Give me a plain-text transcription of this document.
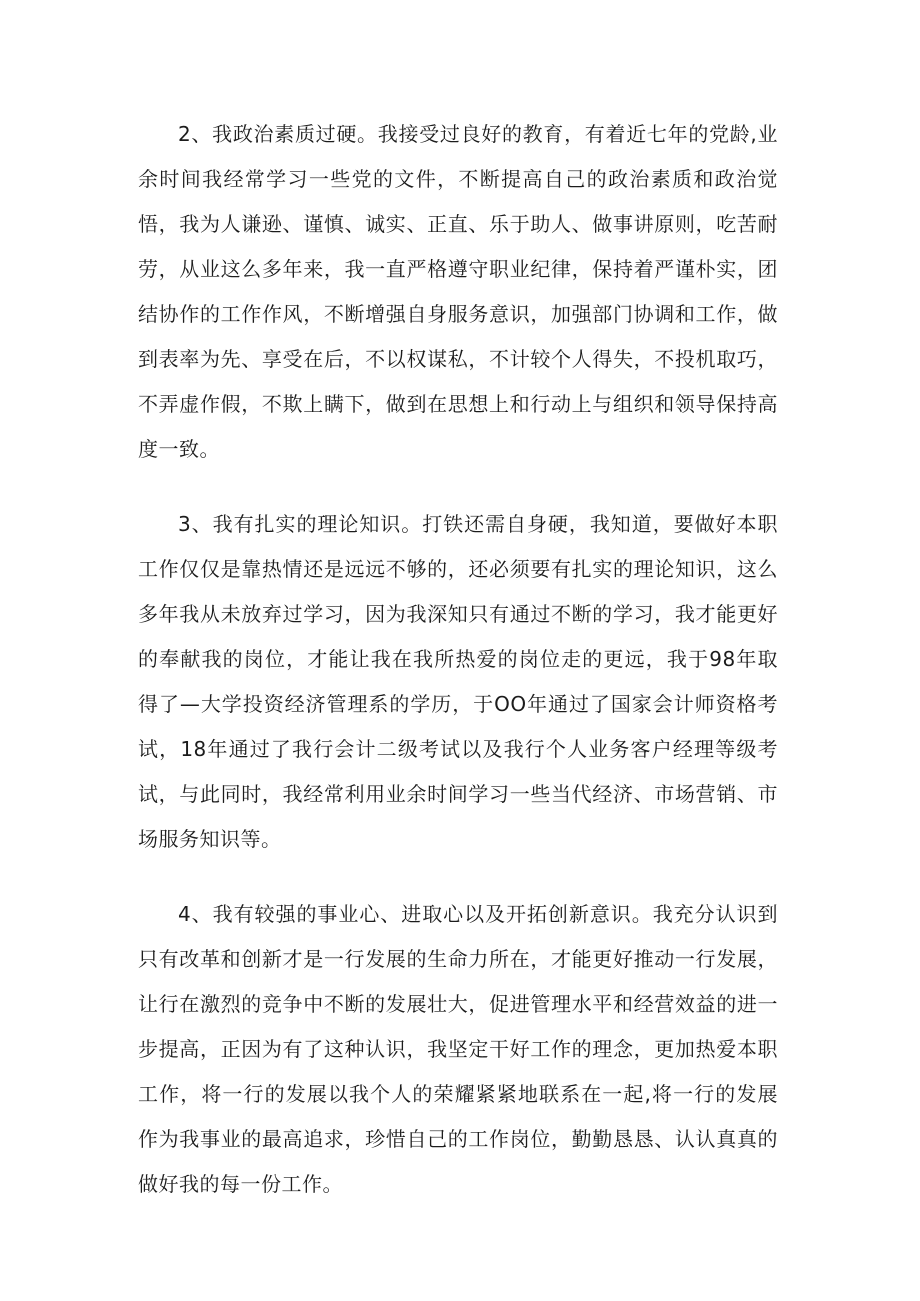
2、我政治素质过硬。我接受过良好的教育，有着近七年的党龄,业余时间我经常学习一些党的文件，不断提高自己的政治素质和政治觉悟，我为人谦逊、谨慎、诚实、正直、乐于助人、做事讲原则，吃苦耐劳，从业这么多年来，我一直严格遵守职业纪律，保持着严谨朴实，团结协作的工作作风，不断增强自身服务意识，加强部门协调和工作，做到表率为先、享受在后，不以权谋私，不计较个人得失，不投机取巧，不弄虚作假，不欺上瞒下，做到在思想上和行动上与组织和领导保持高度一致。

3、我有扎实的理论知识。打铁还需自身硬，我知道，要做好本职工作仅仅是靠热情还是远远不够的，还必须要有扎实的理论知识，这么多年我从未放弃过学习，因为我深知只有通过不断的学习，我才能更好的奉献我的岗位，才能让我在我所热爱的岗位走的更远，我于98年取得了—大学投资经济管理系的学历，于OO年通过了国家会计师资格考试，18年通过了我行会计二级考试以及我行个人业务客户经理等级考试，与此同时，我经常利用业余时间学习一些当代经济、市场营销、市场服务知识等。

4、我有较强的事业心、进取心以及开拓创新意识。我充分认识到只有改革和创新才是一行发展的生命力所在，才能更好推动一行发展，让行在激烈的竞争中不断的发展壮大，促进管理水平和经营效益的进一步提高，正因为有了这种认识，我坚定干好工作的理念，更加热爱本职工作，将一行的发展以我个人的荣耀紧紧地联系在一起,将一行的发展作为我事业的最高追求，珍惜自己的工作岗位，勤勤恳恳、认认真真的做好我的每一份工作。
